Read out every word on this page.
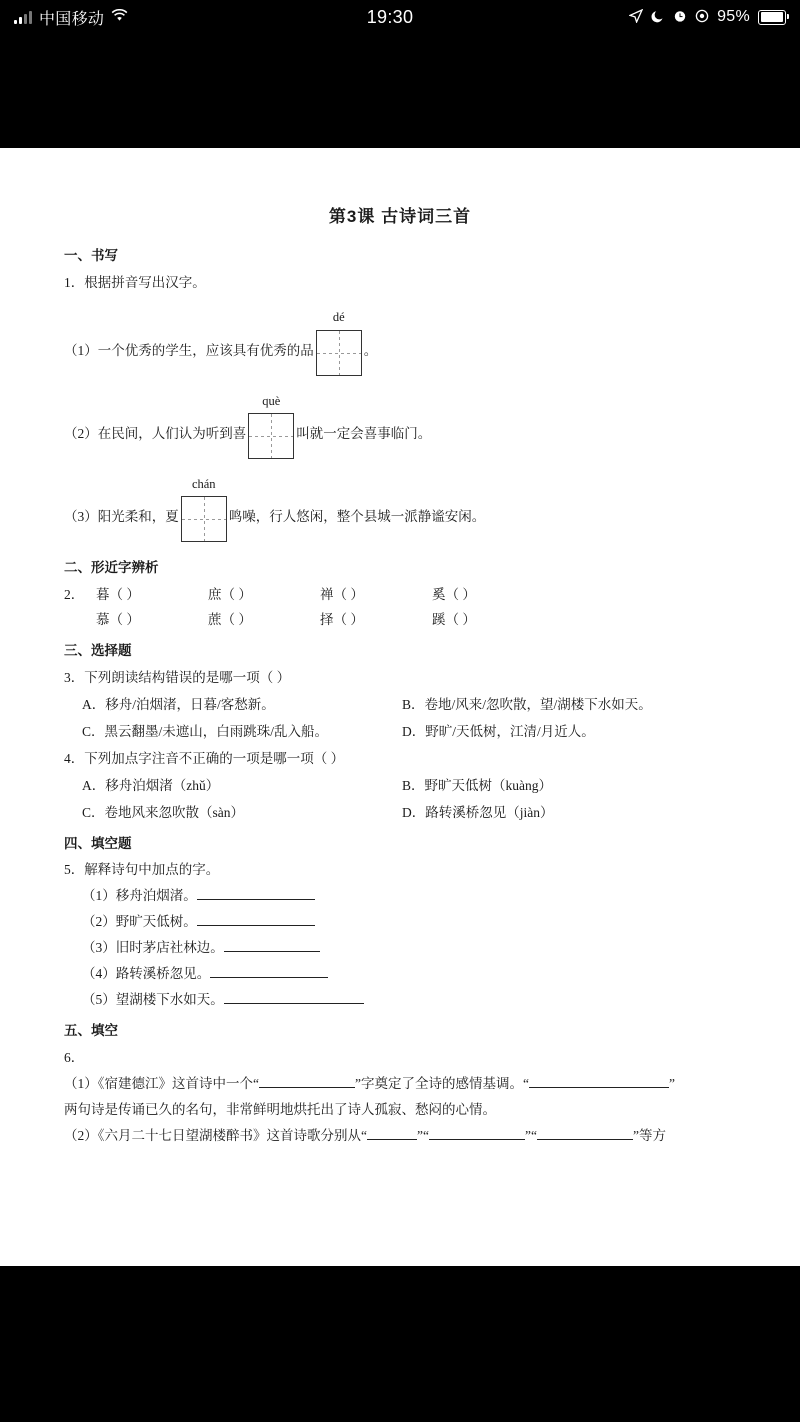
中国移动	19:30	95%
第3课 古诗词三首
一、书写
1．根据拼音写出汉字。
（1）一个优秀的学生，应该具有优秀的品
dé
。
（2）在民间，人们认为听到喜
què
叫就一定会喜事临门。
（3）阳光柔和，夏
chán
鸣噪，行人悠闲，整个县城一派静谧安闲。
二、形近字辨析
2． 暮（ ）	庶（ ）	禅（ ）	奚（ ）
慕（ ）	蔗（ ）	择（ ）	蹊（ ）
三、选择题
3．下列朗读结构错误的是哪一项（ ）
A．移舟/泊烟渚，日暮/客愁新。	B．卷地/风来/忽吹散，望/湖楼下水如天。
C．黑云翻墨/未遮山，白雨跳珠/乱入船。	D．野旷/天低树，江清/月近人。
4．下列加点字注音不正确的一项是哪一项（ ）
A．移舟泊烟渚（zhǔ）	B．野旷天低树（kuàng）
C．卷地风来忽吹散（sàn）	D．路转溪桥忽见（jiàn）
四、填空题
5．解释诗句中加点的字。
（1）移舟泊烟渚。
（2）野旷天低树。
（3）旧时茅店社林边。
（4）路转溪桥忽见。
（5）望湖楼下水如天。
五、填空
6．
（1）《宿建德江》这首诗中一个“	”字奠定了全诗的感情基调。“	”
两句诗是传诵已久的名句，非常鲜明地烘托出了诗人孤寂、愁闷的心情。
（2）《六月二十七日望湖楼醉书》这首诗歌分别从“	”“	”“	”等方
